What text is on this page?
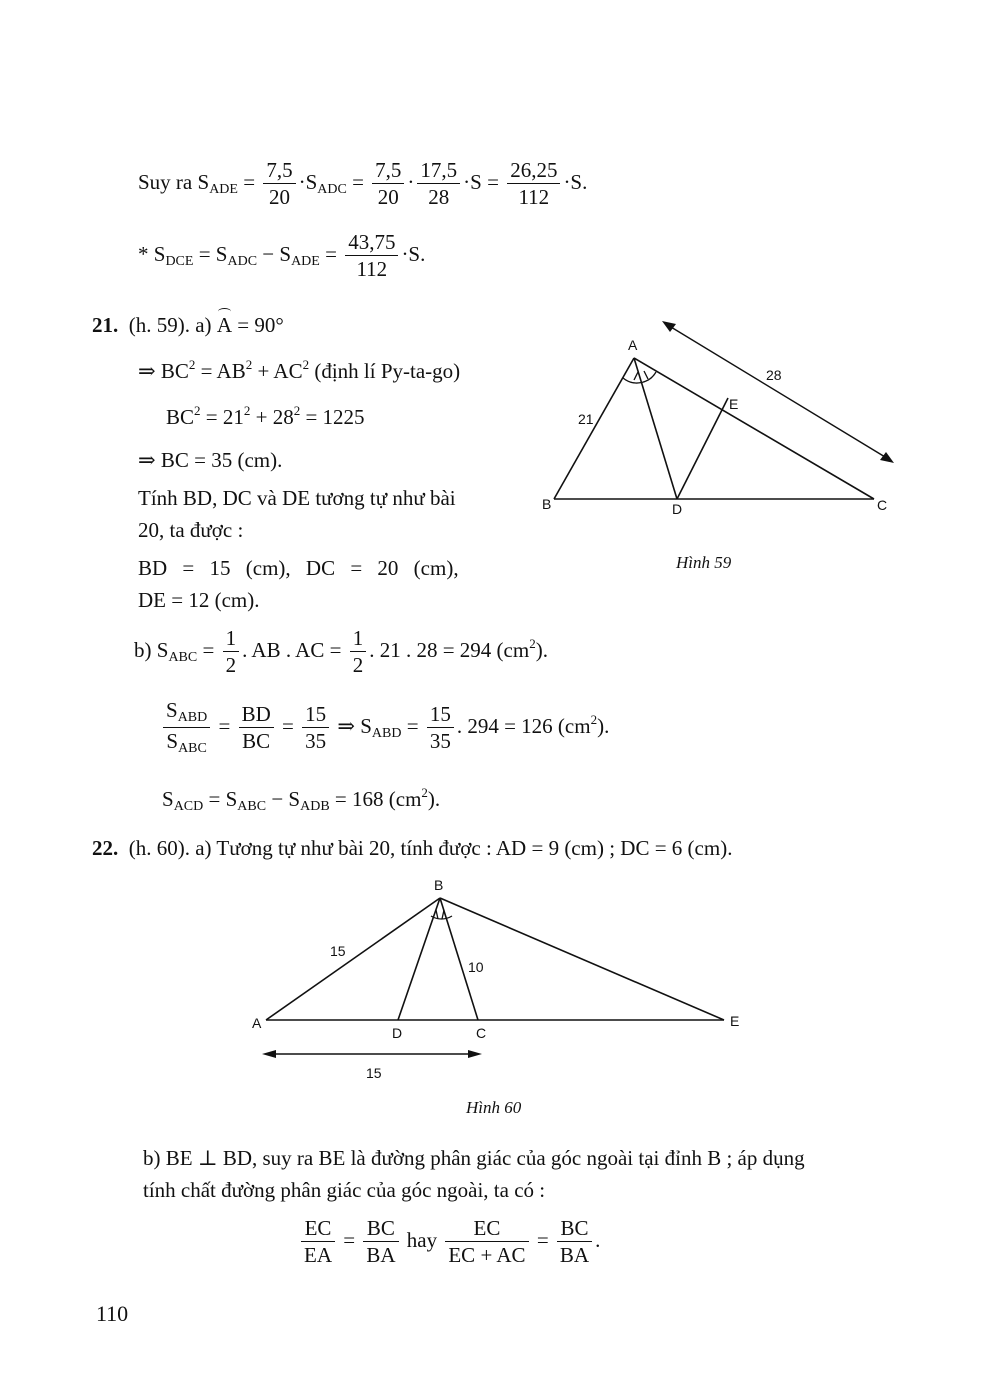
Suy ra $S_{ADE} = \frac{7,5}{20} \cdot S_{ADC} = \frac{7,5}{20} \cdot \frac{17,5}{28} \cdot S = \frac{26,25}{112} \cdot S$.
* $S_{DCE} = S_{ADC} - S_{ADE} = \frac{43,75}{112} \cdot S$.
21. (h. 59). a) A = 90°
⇒ $BC^2 = AB^2 + AC^2$ (định lí Py-ta-go)
$BC^2 = 21^2 + 28^2 = 1225$
⇒ BC = 35 (cm).
Tính BD, DC và DE tương tự như bài
20, ta được :
BD = 15 (cm), DC = 20 (cm),
DE = 12 (cm).
A
B	C
D
E
21
28
Hình 59
b) $S_{ABC} = \frac{1}{2}$ . AB . AC = $\frac{1}{2}$ . 21 . 28 = 294 $(cm^2)$.
$S_{ABD}$
$S_{ABC}$
= $\frac{BD}{BC} = \frac{15}{35}$ ⇒ $S_{ABD} = \frac{15}{35}$ . 294 = 126 $(cm^2)$.
$S_{ACD} = S_{ABC} - S_{ADB} = 168$ $(cm^2)$.
22. (h. 60). a) Tương tự như bài 20, tính được : AD = 9 (cm) ; DC = 6 (cm).
A
B
C
D
E
15
10
15
Hình 60
b) BE ⊥ BD, suy ra BE là đường phân giác của góc ngoài tại đỉnh B ; áp dụng
tính chất đường phân giác của góc ngoài, ta có :
$\frac{EC}{EA} = \frac{BC}{BA}$ hay $\frac{EC}{EC + AC} = \frac{BC}{BA}$ .
110
